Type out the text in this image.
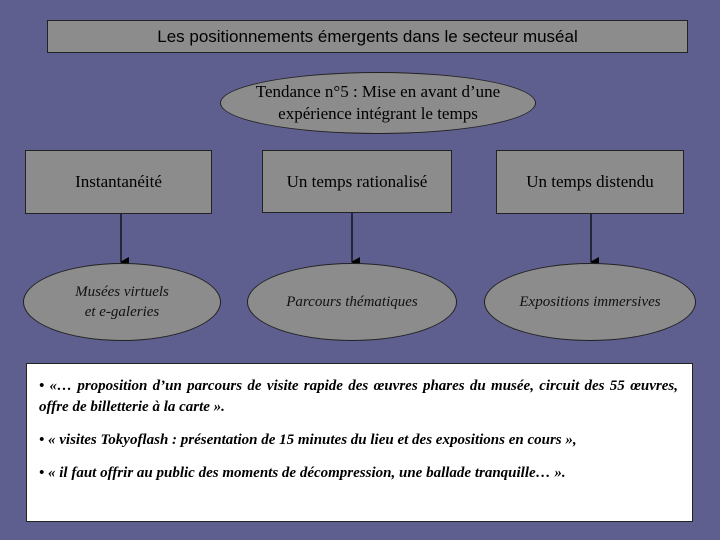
Les positionnements émergents dans le secteur muséal
Tendance n°5 : Mise en avant d’une
expérience intégrant le temps
Instantanéité	Un temps rationalisé	Un temps distendu
Musées virtuels
et e-galeries
Parcours thématiques	Expositions immersives

• «… proposition d’un parcours de visite rapide des œuvres phares du musée, circuit des 55 œuvres, offre de billetterie à la carte ».

• « visites Tokyoflash : présentation de 15 minutes du lieu et des expositions en cours »,

• « il faut offrir au public des moments de décompression, une ballade tranquille… ».
